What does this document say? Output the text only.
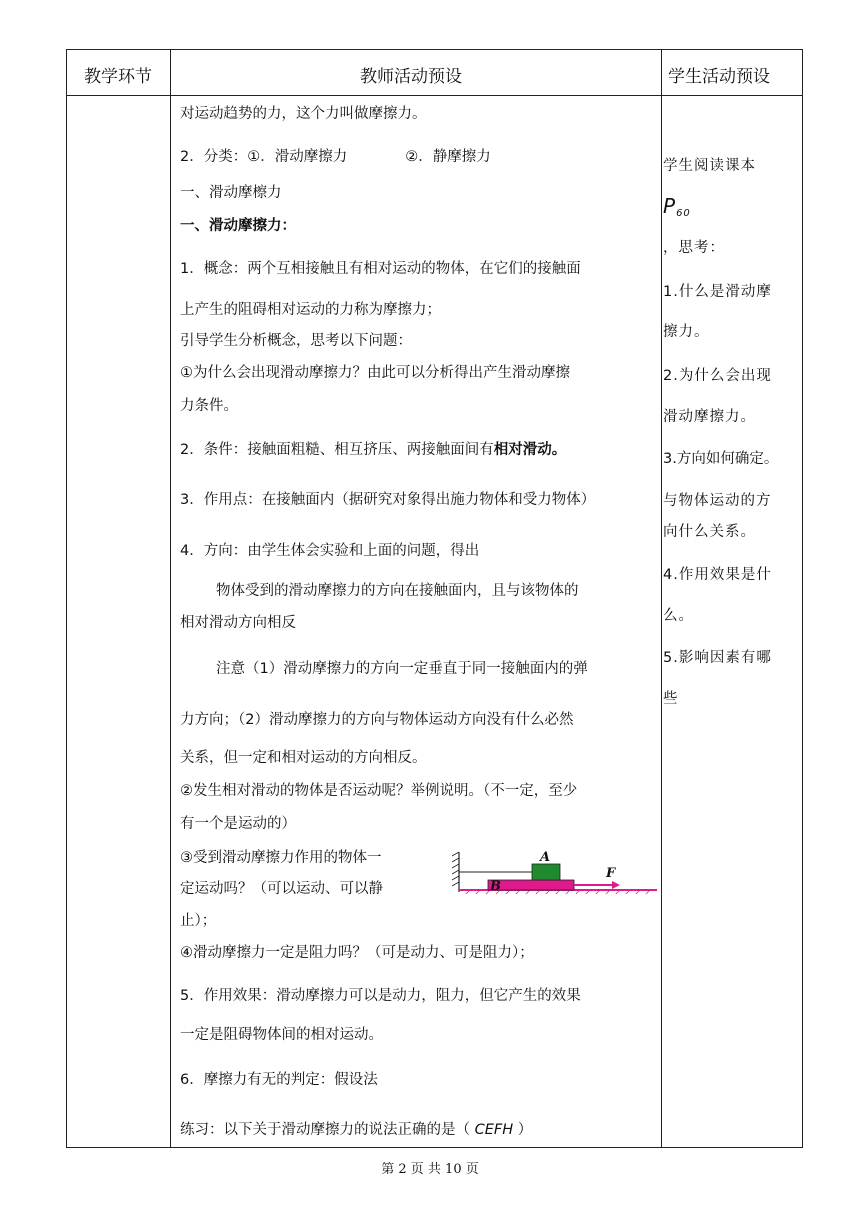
教学环节	教师活动预设	学生活动预设
对运动趋势的力，这个力叫做摩擦力。
2．分类：①．滑动摩擦力　　　　②．静摩擦力
一、滑动摩檫力
一、滑动摩擦力：
1．概念：两个互相接触且有相对运动的物体，在它们的接触面
上产生的阻碍相对运动的力称为摩擦力；
引导学生分析概念，思考以下问题：
①为什么会出现滑动摩擦力？由此可以分析得出产生滑动摩擦
力条件。
2．条件：接触面粗糙、相互挤压、两接触面间有相对滑动。
3．作用点：在接触面内（据研究对象得出施力物体和受力物体）
4．方向：由学生体会实验和上面的问题，得出
物体受到的滑动摩擦力的方向在接触面内，且与该物体的
相对滑动方向相反
注意（1）滑动摩擦力的方向一定垂直于同一接触面内的弹
力方向；（2）滑动摩擦力的方向与物体运动方向没有什么必然
关系，但一定和相对运动的方向相反。
②发生相对滑动的物体是否运动呢？举例说明。（不一定，至少
有一个是运动的）
③受到滑动摩擦力作用的物体一
定运动吗？（可以运动、可以静
止）；
④滑动摩擦力一定是阻力吗？（可是动力、可是阻力）；
5．作用效果：滑动摩擦力可以是动力，阻力，但它产生的效果
一定是阻碍物体间的相对运动。
6．摩擦力有无的判定：假设法
练习：以下关于滑动摩擦力的说法正确的是（ CEFH ）
A
B
F
学生阅读课本
$P_{60}$
，思考：
1.什么是滑动摩
擦力。
2.为什么会出现
滑动摩擦力。
3.方向如何确定。
与物体运动的方
向什么关系。
4.作用效果是什
么。
5.影响因素有哪
些
第 2 页 共 10 页
